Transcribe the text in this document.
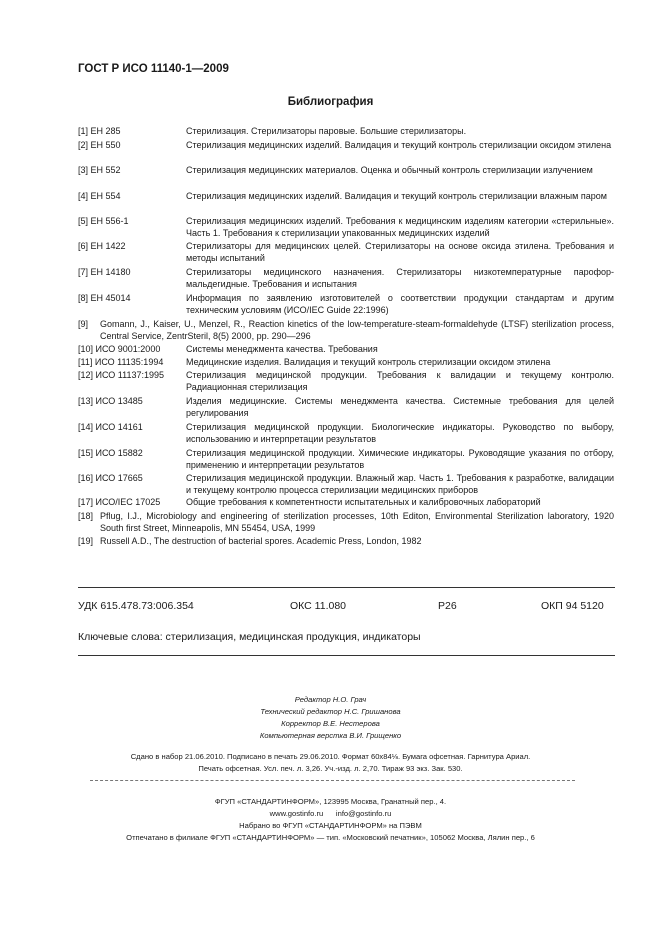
ГОСТ Р ИСО 11140-1—2009
Библиография
[1] ЕН 285	Стерилизация. Стерилизаторы паровые. Большие стерилизаторы.
[2] ЕН 550	Стерилизация медицинских изделий. Валидация и текущий контроль стерилизации оксидом этилена
[3] ЕН 552	Стерилизация медицинских материалов. Оценка и обычный контроль стерилизации излучением
[4] ЕН 554	Стерилизация медицинских изделий. Валидация и текущий контроль стерилизации влажным паром
[5] ЕН 556-1	Стерилизация медицинских изделий. Требования к медицинским изделиям категории «стерильные». Часть 1. Требования к стерилизации упакованных медицинских изделий
[6] ЕН 1422	Стерилизаторы для медицинских целей. Стерилизаторы на основе оксида этилена. Требования и методы испытаний
[7] ЕН 14180	Стерилизаторы медицинского назначения. Стерилизаторы низкотемпературные парофор-мальдегидные. Требования и испытания
[8] ЕН 45014	Информация по заявлению изготовителей о соответствии продукции стандартам и другим техническим условиям (ИСО/IEC Guide 22:1996)
[9]	Gomann, J., Kaiser, U., Menzel, R., Reaction kinetics of the low-temperature-steam-formaldehyde (LTSF) sterilization process, Central Service, ZentrSteril, 8(5) 2000, pp. 290—296
[10] ИСО 9001:2000	Системы менеджмента качества. Требования
[11] ИСО 11135:1994	Медицинские изделия. Валидация и текущий контроль стерилизации оксидом этилена
[12] ИСО 11137:1995	Стерилизация медицинской продукции. Требования к валидации и текущему контролю. Радиационная стерилизация
[13] ИСО 13485	Изделия медицинские. Системы менеджмента качества. Системные требования для целей регулирования
[14] ИСО 14161	Стерилизация медицинской продукции. Биологические индикаторы. Руководство по выбору, использованию и интерпретации результатов
[15] ИСО 15882	Стерилизация медицинской продукции. Химические индикаторы. Руководящие указания по отбору, применению и интерпретации результатов
[16] ИСО 17665	Стерилизация медицинской продукции. Влажный жар. Часть 1. Требования к разработке, валидации и текущему контролю процесса стерилизации медицинских приборов
[17] ИСО/IEC 17025	Общие требования к компетентности испытательных и калибровочных лабораторий
[18] Pflug, I.J., Microbiology and engineering of sterilization processes, 10th Editon, Environmental Sterilization laboratory, 1920 South first Street, Minneapolis, MN 55454, USA, 1999
[19] Russell A.D., The destruction of bacterial spores. Academic Press, London, 1982
УДК 615.478.73:006.354	ОКС 11.080	Р26	ОКП 94 5120
Ключевые слова: стерилизация, медицинская продукция, индикаторы
Редактор Н.О. Грач
Технический редактор Н.С. Гришанова
Корректор В.Е. Нестерова
Компьютерная верстка В.И. Грищенко
Сдано в набор 21.06.2010. Подписано в печать 29.06.2010. Формат 60х84⅛. Бумага офсетная. Гарнитура Ариал.
Печать офсетная. Усл. печ. л. 3,26. Уч.-изд. л. 2,70. Тираж 93 экз. Зак. 530.
ФГУП «СТАНДАРТИНФОРМ», 123995 Москва, Гранатный пер., 4.
www.gostinfo.ru      info@gostinfo.ru
Набрано во ФГУП «СТАНДАРТИНФОРМ» на ПЭВМ
Отпечатано в филиале ФГУП «СТАНДАРТИНФОРМ» — тип. «Московский печатник», 105062 Москва, Лялин пер., 6
